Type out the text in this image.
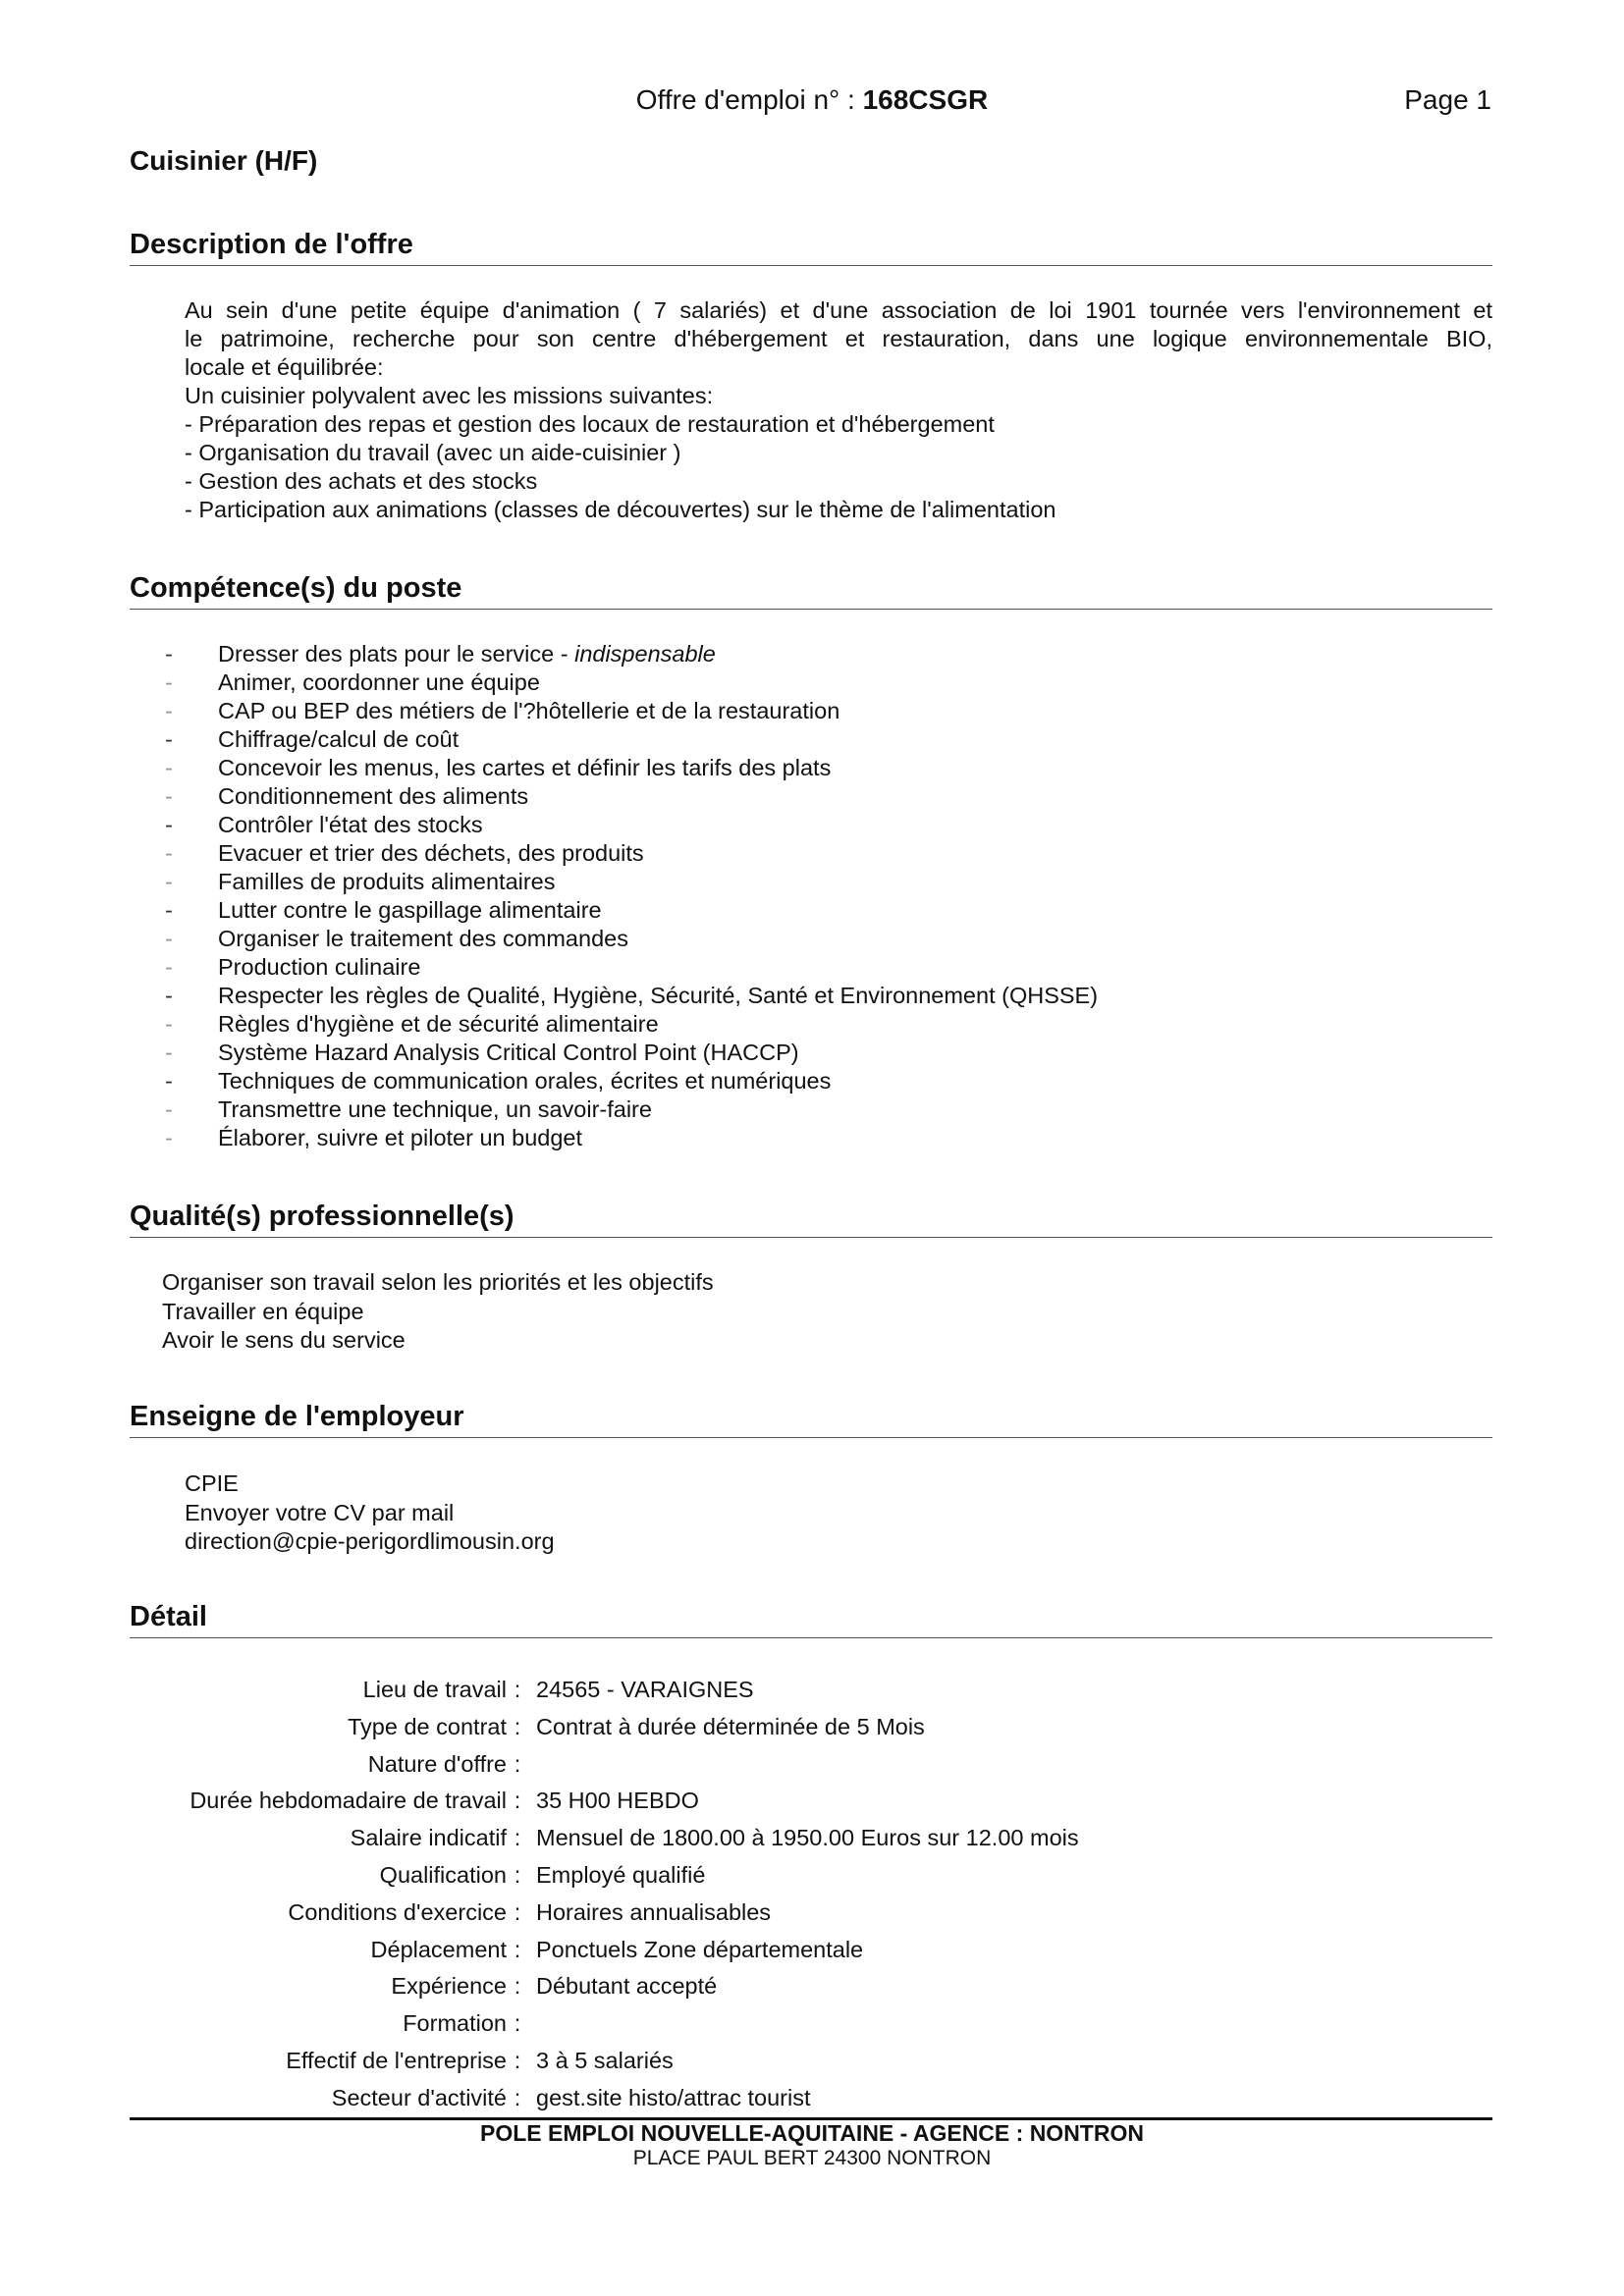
Offre d'emploi n° : 168CSGR	Page 1
Cuisinier (H/F)
Description de l'offre
Au sein d'une petite équipe d'animation ( 7 salariés) et d'une association de loi 1901 tournée vers l'environnement et
le patrimoine, recherche pour son centre d'hébergement et restauration, dans une logique environnementale BIO,
locale et équilibrée:
Un cuisinier polyvalent avec les missions suivantes:
- Préparation des repas et gestion des locaux de restauration et d'hébergement
- Organisation du travail (avec un aide-cuisinier )
- Gestion des achats et des stocks
- Participation aux animations (classes de découvertes) sur le thème de l'alimentation
Compétence(s) du poste
-	Dresser des plats pour le service - indispensable
-	Animer, coordonner une équipe
-	CAP ou BEP des métiers de l'?hôtellerie et de la restauration
-	Chiffrage/calcul de coût
-	Concevoir les menus, les cartes et définir les tarifs des plats
-	Conditionnement des aliments
-	Contrôler l'état des stocks
-	Evacuer et trier des déchets, des produits
-	Familles de produits alimentaires
-	Lutter contre le gaspillage alimentaire
-	Organiser le traitement des commandes
-	Production culinaire
-	Respecter les règles de Qualité, Hygiène, Sécurité, Santé et Environnement (QHSSE)
-	Règles d'hygiène et de sécurité alimentaire
-	Système Hazard Analysis Critical Control Point (HACCP)
-	Techniques de communication orales, écrites et numériques
-	Transmettre une technique, un savoir-faire
-	Élaborer, suivre et piloter un budget
Qualité(s) professionnelle(s)
Organiser son travail selon les priorités et les objectifs
Travailler en équipe
Avoir le sens du service
Enseigne de l'employeur
CPIE
Envoyer votre CV par mail
direction@cpie-perigordlimousin.org
Détail
Lieu de travail : 24565 - VARAIGNES
Type de contrat : Contrat à durée déterminée de 5 Mois
Nature d'offre :
Durée hebdomadaire de travail : 35 H00 HEBDO
Salaire indicatif : Mensuel de 1800.00 à 1950.00 Euros sur 12.00 mois
Qualification : Employé qualifié
Conditions d'exercice : Horaires annualisables
Déplacement : Ponctuels Zone départementale
Expérience : Débutant accepté
Formation :
Effectif de l'entreprise : 3 à 5 salariés
Secteur d'activité : gest.site histo/attrac tourist
POLE EMPLOI NOUVELLE-AQUITAINE - AGENCE : NONTRON
PLACE PAUL BERT 24300 NONTRON
